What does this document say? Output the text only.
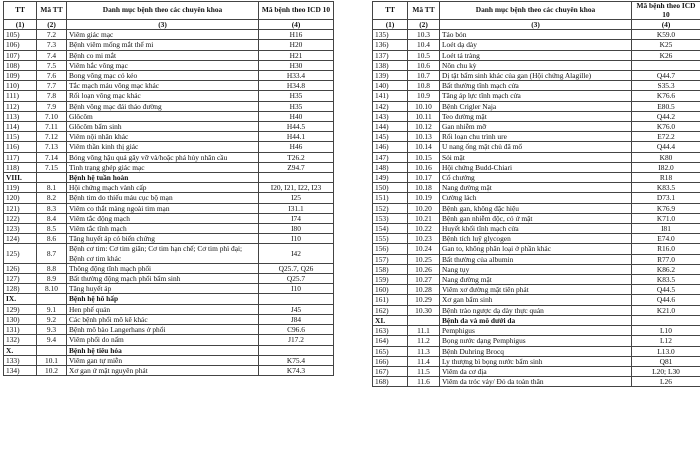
TT	Mã TT	Danh mục bệnh theo các chuyên khoa	Mã bệnh theo ICD 10
(1)	(2)	(3)	(4)
105)	7.2	Viêm giác mạc	H16
106)	7.3	Bệnh viêm mống mắt thể mi	H20
107)	7.4	Bệnh co mi mắt	H21
108)	7.5	Viêm hắc võng mạc	H30
109)	7.6	Bong võng mạc có kéo	H33.4
110)	7.7	Tắc mạch máu võng mạc khác	H34.8
111)	7.8	Rối loạn võng mạc khác	H35
112)	7.9	Bệnh võng mạc đái tháo đường	H35
113)	7.10	Glôcôm	H40
114)	7.11	Glôcôm bẩm sinh	H44.5
115)	7.12	Viêm nội nhãn khác	H44.1
116)	7.13	Viêm thần kinh thị giác	H46
117)	7.14	Bóng võng hậu quả gây vỡ và/hoặc phá hủy nhãn cầu	T26.2
118)	7.15	Tình trạng ghép giác mạc	Z94.7
VIII.		Bệnh hệ tuần hoàn	
119)	8.1	Hội chứng mạch vành cấp	I20, I21, I22, I23
120)	8.2	Bệnh tim do thiếu máu cục bộ mạn	I25
121)	8.3	Viêm co thắt màng ngoài tim mạn	I31.1
122)	8.4	Viêm tắc động mạch	I74
123)	8.5	Viêm tắc tĩnh mạch	I80
124)	8.6	Tăng huyết áp có biến chứng	I10
125)	8.7	Bệnh cơ tim: Cơ tim giãn; Cơ tim hạn chế; Cơ tim phì đại; Bệnh cơ tim khác	I42
126)	8.8	Thông động tĩnh mạch phổi	Q25.7, Q26
127)	8.9	Bất thường động mạch phổi bẩm sinh	Q25.7
128)	8.10	Tăng huyết áp	I10
IX.		Bệnh hệ hô hấp	
129)	9.1	Hen phế quản	J45
130)	9.2	Các bệnh phổi mô kẽ khác	J84
131)	9.3	Bệnh mô bào Langerhans ở phổi	C96.6
132)	9.4	Viêm phổi do nấm	J17.2
X.		Bệnh hệ tiêu hóa	
133)	10.1	Viêm gan tự miễn	K75.4
134)	10.2	Xơ gan ứ mật nguyên phát	K74.3
TT	Mã TT	Danh mục bệnh theo các chuyên khoa	Mã bệnh theo ICD 10
(1)	(2)	(3)	(4)
135)	10.3	Táo bón	K59.0
136)	10.4	Loét dạ dày	K25
137)	10.5	Loét tá tràng	K26
138)	10.6	Nôn chu kỳ	
139)	10.7	Dị tật bẩm sinh khác của gan (Hội chứng Alagille)	Q44.7
140)	10.8	Bất thường tĩnh mạch cửa	S35.3
141)	10.9	Tăng áp lực tĩnh mạch cửa	K76.6
142)	10.10	Bệnh Crigler Naja	E80.5
143)	10.11	Teo đường mật	Q44.2
144)	10.12	Gan nhiễm mỡ	K76.0
145)	10.13	Rối loạn chu trình ure	E72.2
146)	10.14	U nang ống mật chủ đã mổ	Q44.4
147)	10.15	Sỏi mật	K80
148)	10.16	Hội chứng Budd-Chiari	I82.0
149)	10.17	Cổ chướng	R18
150)	10.18	Nang đường mật	K83.5
151)	10.19	Cường lách	D73.1
152)	10.20	Bệnh gan, không đặc hiệu	K76.9
153)	10.21	Bệnh gan nhiễm độc, có ứ mật	K71.0
154)	10.22	Huyết khối tĩnh mạch cửa	I81
155)	10.23	Bệnh tích luỹ glycogen	E74.0
156)	10.24	Gan to, không phân loại ở phần khác	R16.0
157)	10.25	Bất thường của albumin	R77.0
158)	10.26	Nang tụy	K86.2
159)	10.27	Nang đường mật	K83.5
160)	10.28	Viêm xơ đường mật tiên phát	Q44.5
161)	10.29	Xơ gan bẩm sinh	Q44.6
162)	10.30	Bệnh trào ngược dạ dày thực quản	K21.0
XI.		Bệnh da và mô dưới da	
163)	11.1	Pemphigus	L10
164)	11.2	Bọng nước dạng Pemphigus	L12
165)	11.3	Bệnh Duhring Brocq	L13.0
166)	11.4	Ly thượng bì bọng nước bẩm sinh	Q81
167)	11.5	Viêm da cơ địa	L20; L30
168)	11.6	Viêm da tróc vảy/ Đỏ da toàn thân	L26
